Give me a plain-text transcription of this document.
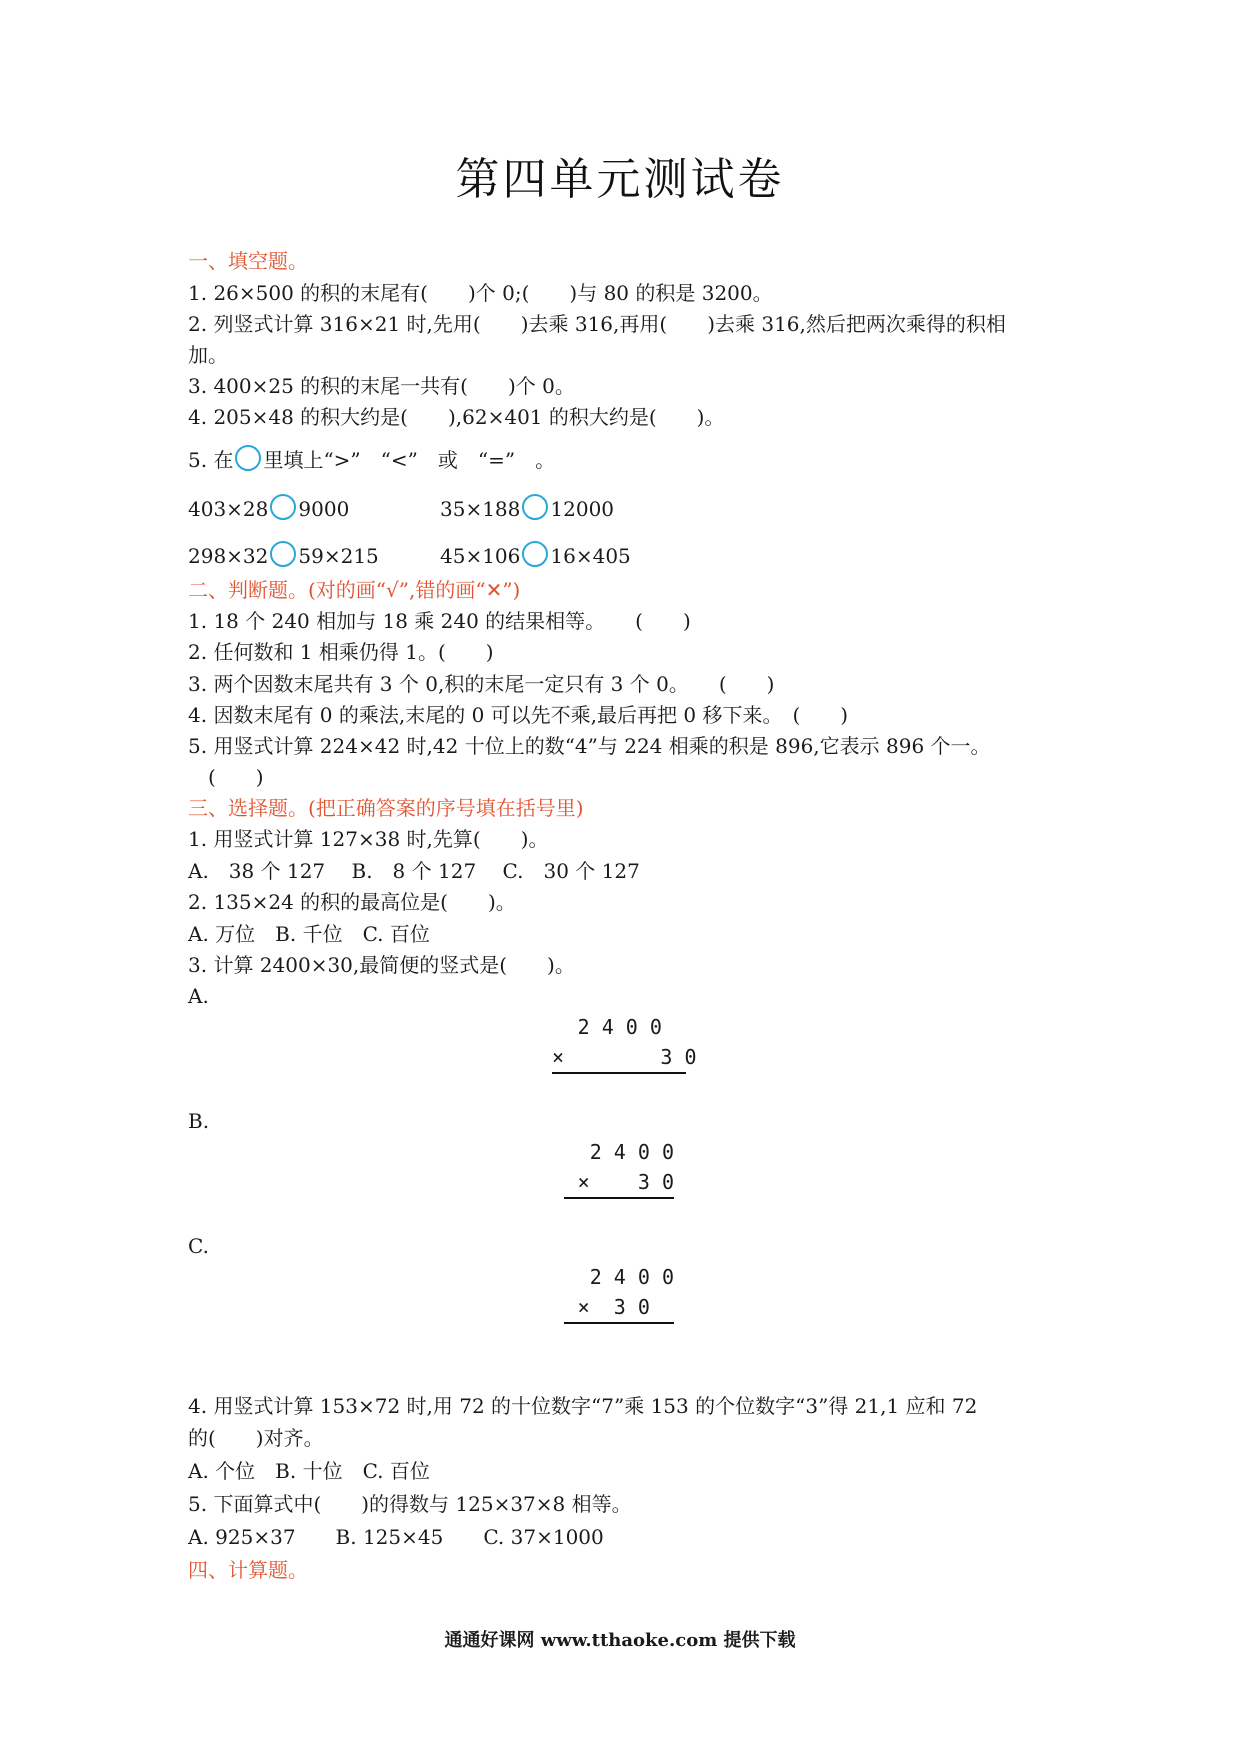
第四单元测试卷
一、填空题。
1. 26×500 的积的末尾有(　　)个 0;(　　)与 80 的积是 3200。
2. 列竖式计算 316×21 时,先用(　　)去乘 316,再用(　　)去乘 316,然后把两次乘得的积相
加。
3. 400×25 的积的末尾一共有(　　)个 0。
4. 205×48 的积大约是(　　),62×401 的积大约是(　　)。
5. 在 里填上“>”　“<”　或　“=”　。
403×28 9000	35×188 12000
298×32 59×215	45×106 16×405
二、判断题。(对的画“√”,错的画“✕”)
1. 18 个 240 相加与 18 乘 240 的结果相等。　　(　　)
2. 任何数和 1 相乘仍得 1。(　　)
3. 两个因数末尾共有 3 个 0,积的末尾一定只有 3 个 0。　　(　　)
4. 因数末尾有 0 的乘法,末尾的 0 可以先不乘,最后再把 0 移下来。　(　　)
5. 用竖式计算 224×42 时,42 十位上的数“4”与 224 相乘的积是 896,它表示 896 个一。
　(　　)
三、选择题。(把正确答案的序号填在括号里)
1. 用竖式计算 127×38 时,先算(　　)。
A.　38 个 127　 B.　8 个 127　 C.　30 个 127
2. 135×24 的积的最高位是(　　)。
A. 万位　B. 千位　C. 百位
3. 计算 2400×30,最简便的竖式是(　　)。
A.
2 4 0 0
×        3 0
B.
2 4 0 0
×    3 0
C.
2 4 0 0
×  3 0
4. 用竖式计算 153×72 时,用 72 的十位数字“7”乘 153 的个位数字“3”得 21,1 应和 72
的(　　)对齐。
A. 个位　B. 十位　C. 百位
5. 下面算式中(　　)的得数与 125×37×8 相等。
A. 925×37　　B. 125×45　　C. 37×1000
四、计算题。
通通好课网 www.tthaoke.com 提供下载
